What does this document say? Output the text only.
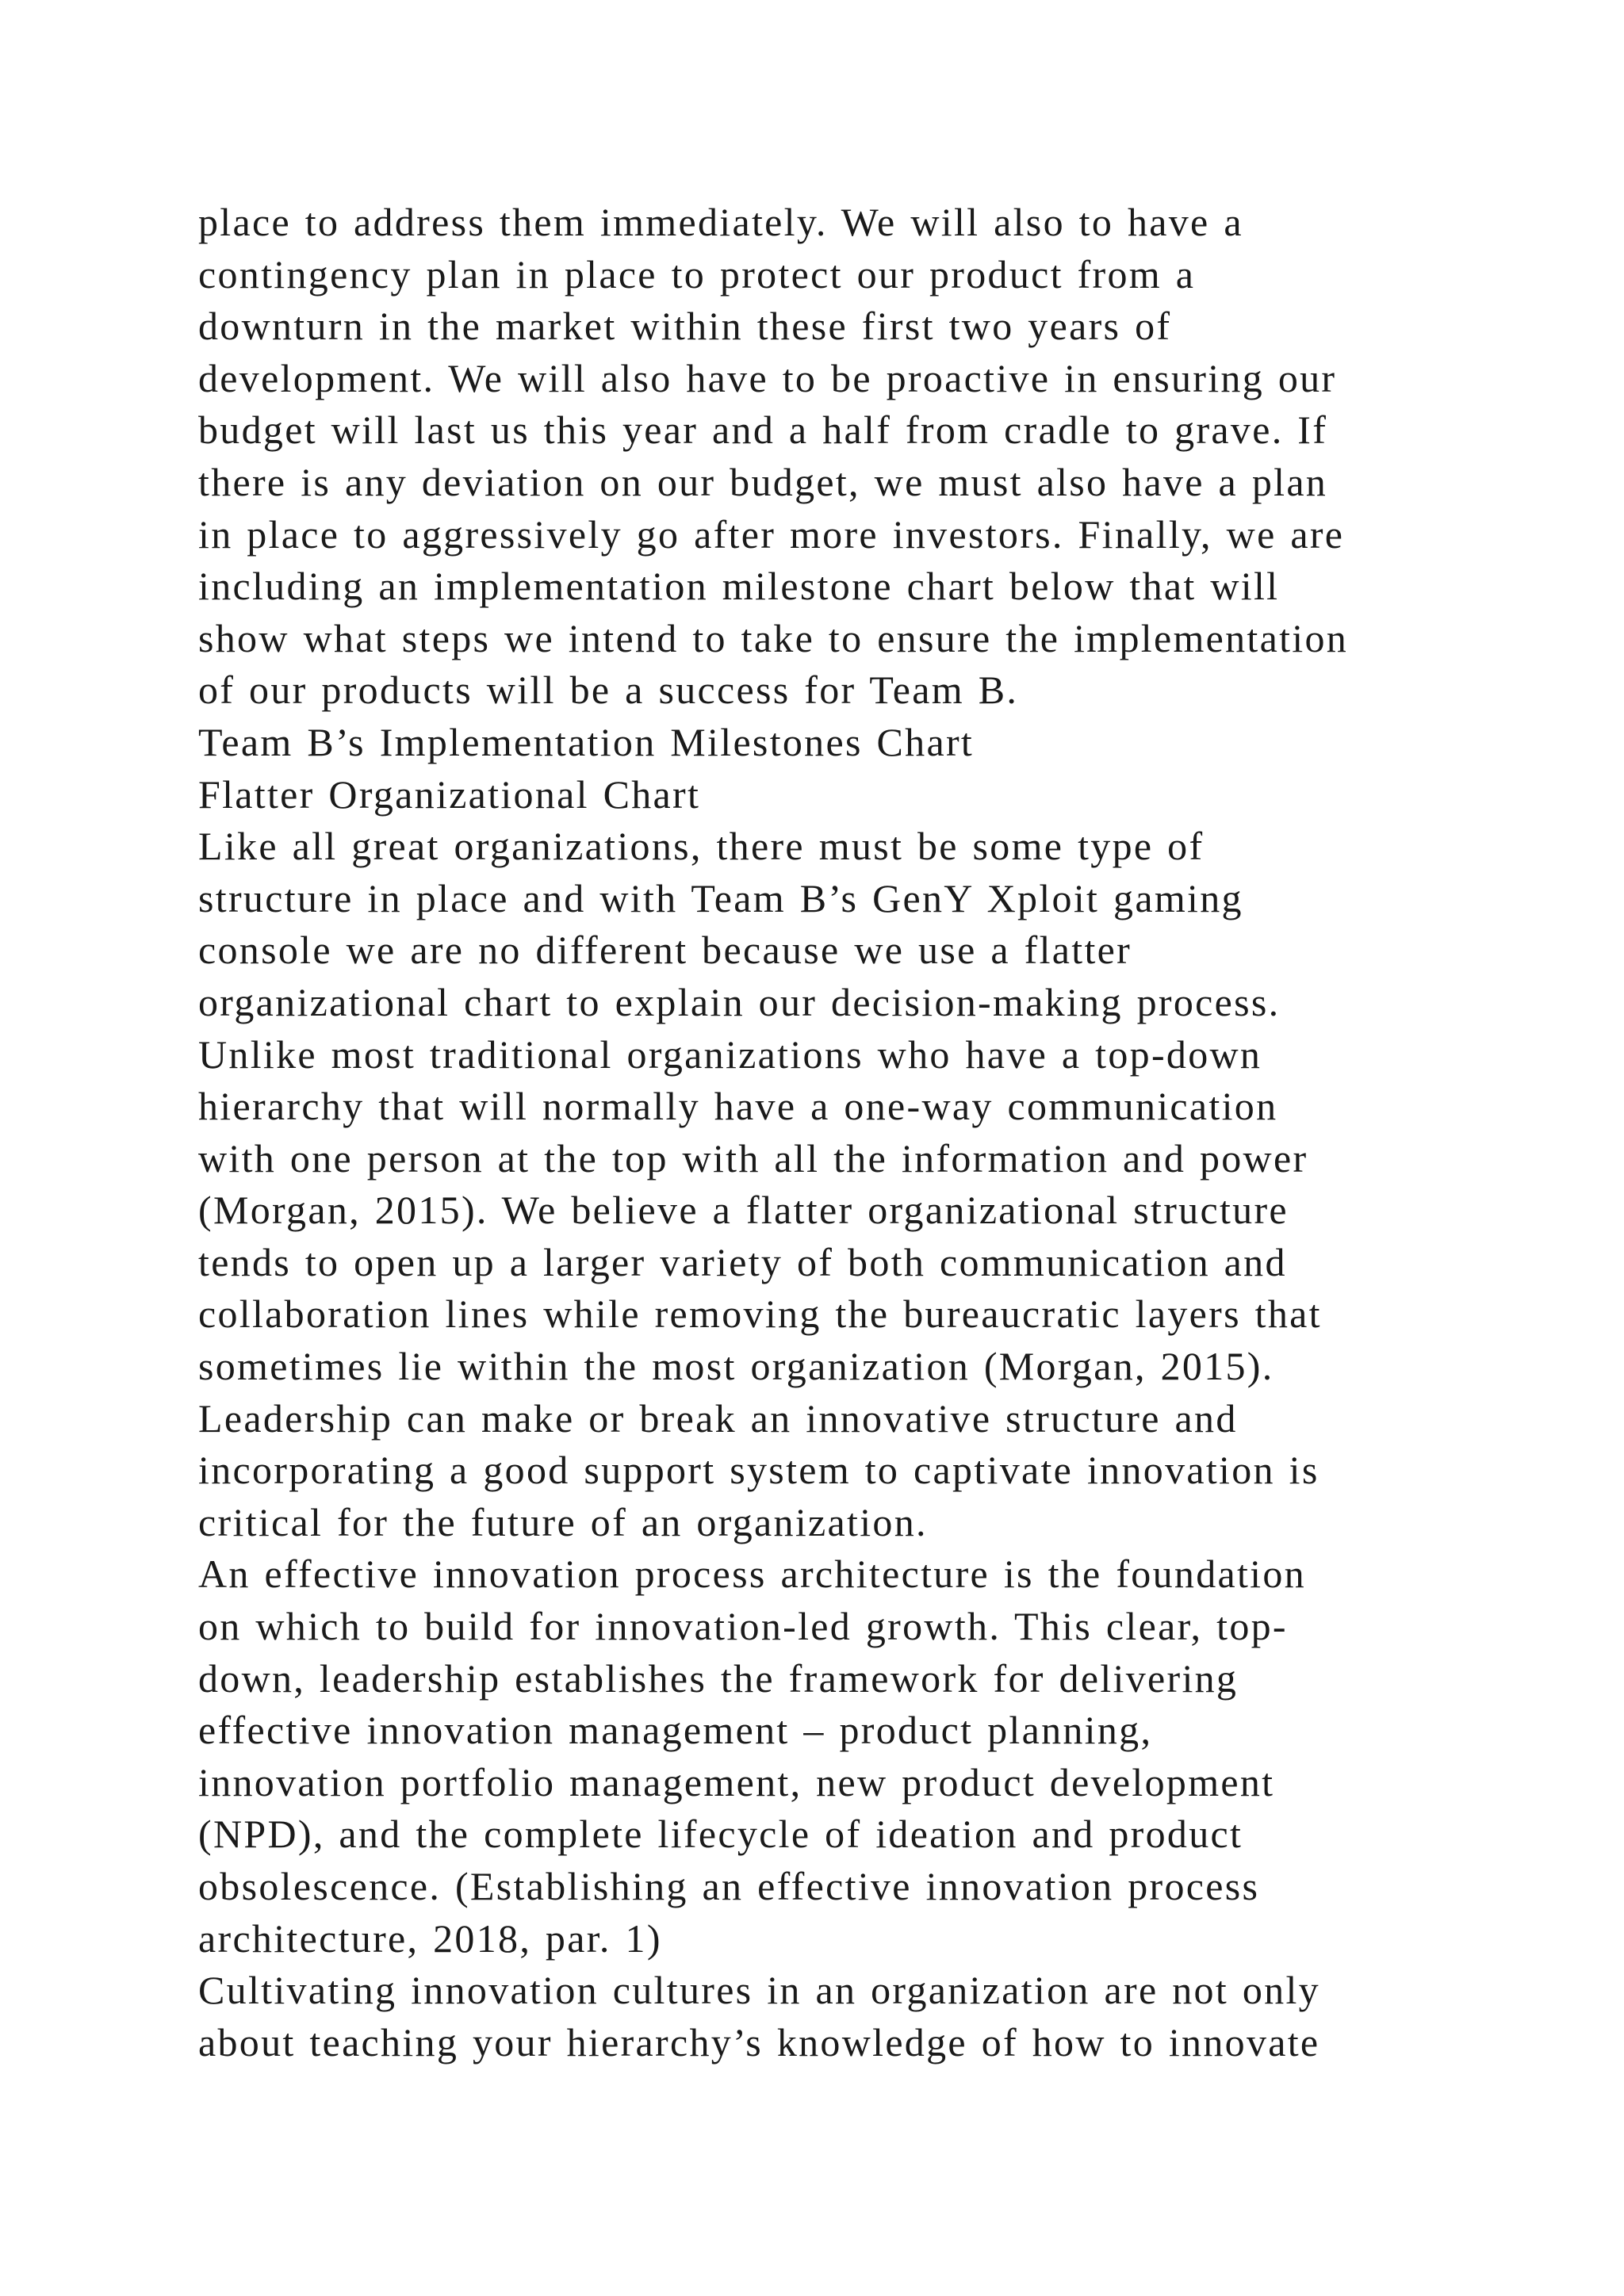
place to address them immediately. We will also to have a
contingency plan in place to protect our product from a
downturn in the market within these first two years of
development. We will also have to be proactive in ensuring our
budget will last us this year and a half from cradle to grave. If
there is any deviation on our budget, we must also have a plan
in place to aggressively go after more investors. Finally, we are
including an implementation milestone chart below that will
show what steps we intend to take to ensure the implementation
of our products will be a success for Team B.
Team B’s Implementation Milestones Chart
Flatter Organizational Chart
Like all great organizations, there must be some type of
structure in place and with Team B’s GenY Xploit gaming
console we are no different because we use a flatter
organizational chart to explain our decision-making process.
Unlike most traditional organizations who have a top-down
hierarchy that will normally have a one-way communication
with one person at the top with all the information and power
(Morgan, 2015). We believe a flatter organizational structure
tends to open up a larger variety of both communication and
collaboration lines while removing the bureaucratic layers that
sometimes lie within the most organization (Morgan, 2015).
Leadership can make or break an innovative structure and
incorporating a good support system to captivate innovation is
critical for the future of an organization.
An effective innovation process architecture is the foundation
on which to build for innovation-led growth. This clear, top-
down, leadership establishes the framework for delivering
effective innovation management – product planning,
innovation portfolio management, new product development
(NPD), and the complete lifecycle of ideation and product
obsolescence. (Establishing an effective innovation process
architecture, 2018, par. 1)
Cultivating innovation cultures in an organization are not only
about teaching your hierarchy’s knowledge of how to innovate
